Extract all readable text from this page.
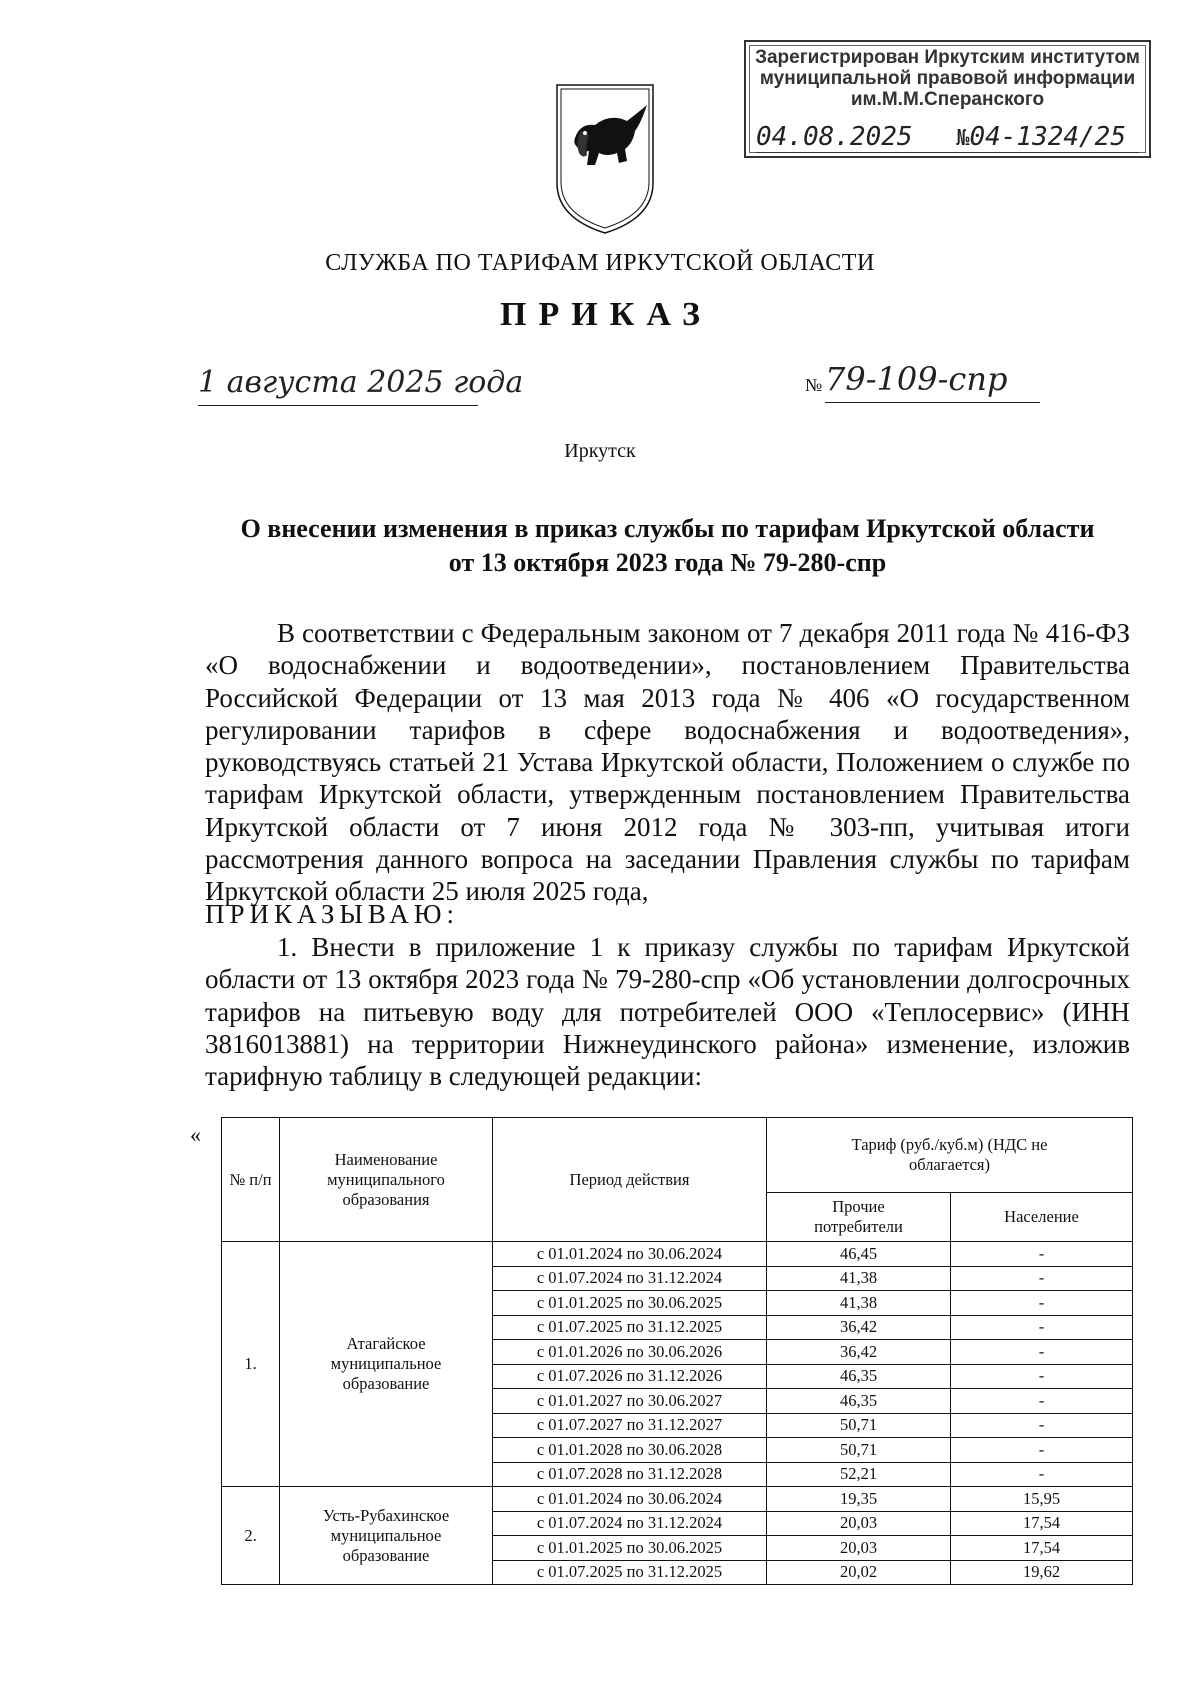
Зарегистрирован Иркутским институтом
муниципальной правовой информации
им.М.М.Сперанского
04.08.2025 №04-1324/25
СЛУЖБА ПО ТАРИФАМ ИРКУТСКОЙ ОБЛАСТИ
ПРИКАЗ
1 августа 2025 года	№ 79-109-спр
Иркутск
О внесении изменения в приказ службы по тарифам Иркутской области
от 13 октября 2023 года № 79-280-спр
В соответствии с Федеральным законом от 7 декабря 2011 года № 416-ФЗ «О водоснабжении и водоотведении», постановлением Правительства Российской Федерации от 13 мая 2013 года № 406 «О государственном регулировании тарифов в сфере водоснабжения и водоотведения», руководствуясь статьей 21 Устава Иркутской области, Положением о службе по тарифам Иркутской области, утвержденным постановлением Правительства Иркутской области от 7 июня 2012 года № 303-пп, учитывая итоги рассмотрения данного вопроса на заседании Правления службы по тарифам Иркутской области 25 июля 2025 года,
ПРИКАЗЫВАЮ:
1. Внести в приложение 1 к приказу службы по тарифам Иркутской области от 13 октября 2023 года № 79-280-спр «Об установлении долгосрочных тарифов на питьевую воду для потребителей ООО «Теплосервис» (ИНН 3816013881) на территории Нижнеудинского района» изменение, изложив тарифную таблицу в следующей редакции:
«
№ п/п	Наименование муниципального образования	Период действия	Тариф (руб./куб.м) (НДС не облагается)	

			Прочие потребители	Население

1.	Атагайское муниципальное образование	с 01.01.2024 по 30.06.2024	46,45	-
		с 01.07.2024 по 31.12.2024	41,38	-
		с 01.01.2025 по 30.06.2025	41,38	-
		с 01.07.2025 по 31.12.2025	36,42	-
		с 01.01.2026 по 30.06.2026	36,42	-
		с 01.07.2026 по 31.12.2026	46,35	-
		с 01.01.2027 по 30.06.2027	46,35	-
		с 01.07.2027 по 31.12.2027	50,71	-
		с 01.01.2028 по 30.06.2028	50,71	-
		с 01.07.2028 по 31.12.2028	52,21	-
2.	Усть-Рубахинское муниципальное образование	с 01.01.2024 по 30.06.2024	19,35	15,95
		с 01.07.2024 по 31.12.2024	20,03	17,54
		с 01.01.2025 по 30.06.2025	20,03	17,54
		с 01.07.2025 по 31.12.2025	20,02	19,62
